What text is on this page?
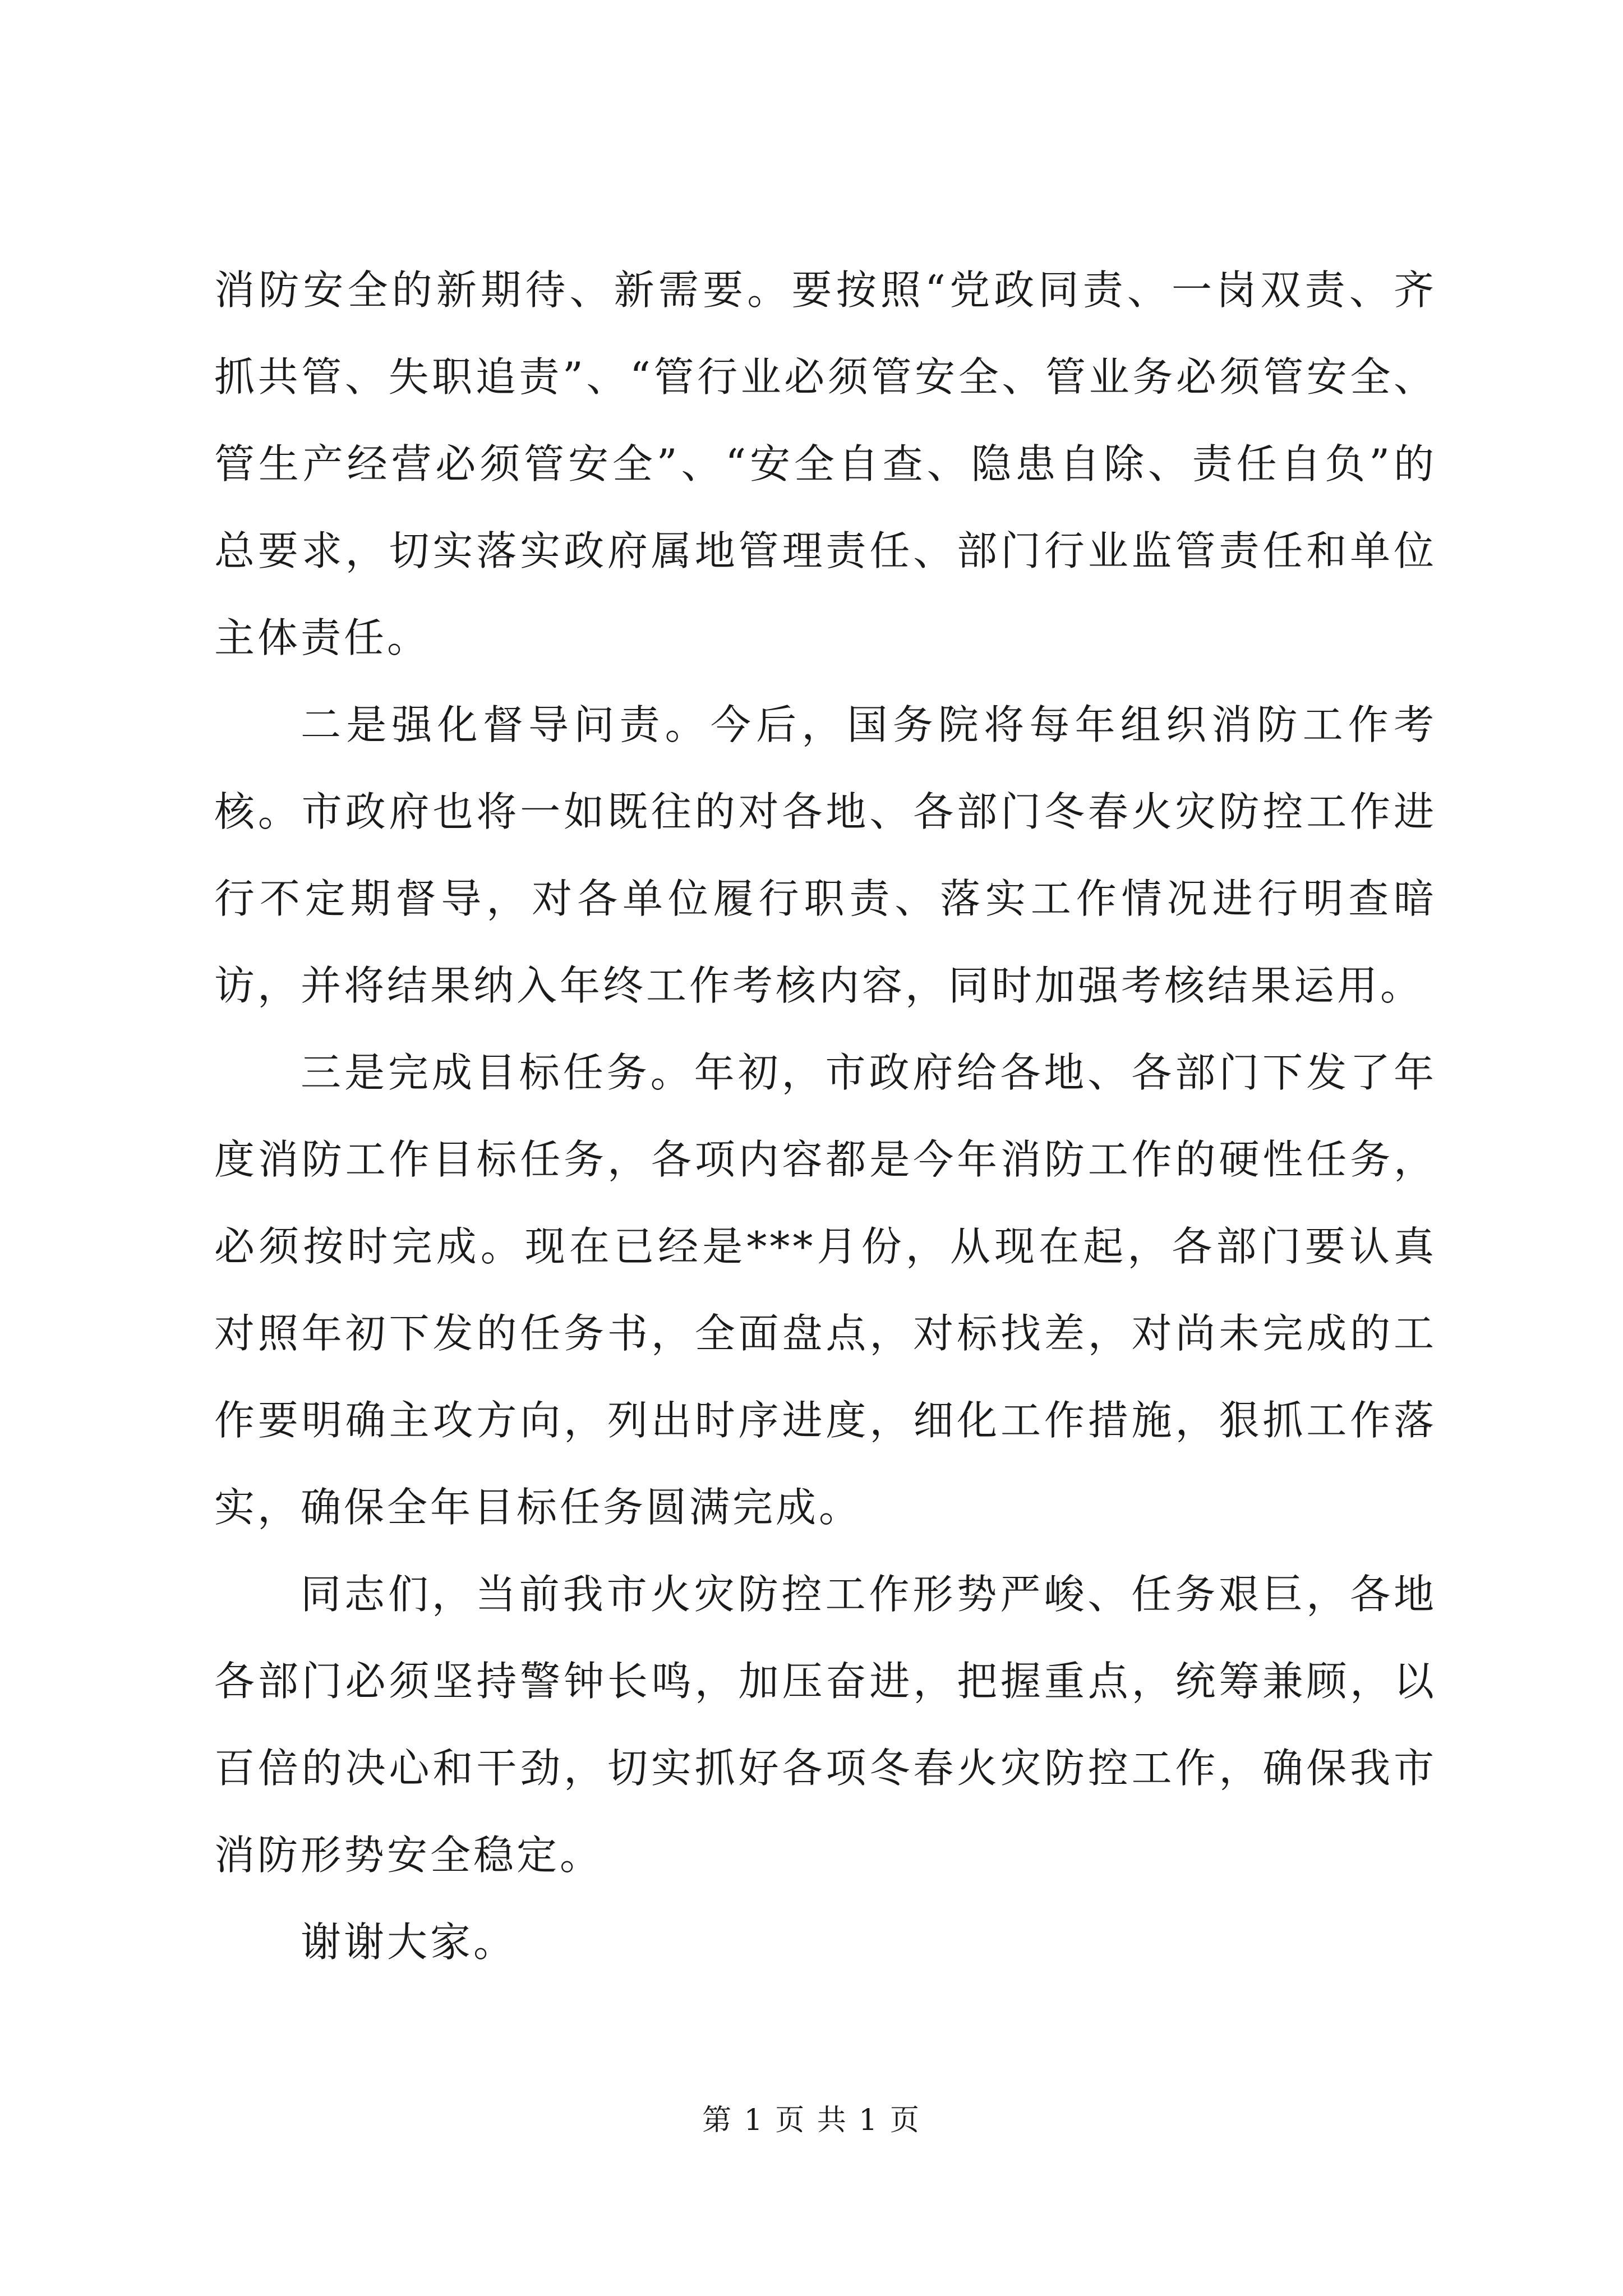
消防安全的新期待、新需要。要按照“党政同责、一岗双责、齐抓共管、失职追责”、“管行业必须管安全、管业务必须管安全、管生产经营必须管安全”、“安全自查、隐患自除、责任自负”的总要求，切实落实政府属地管理责任、部门行业监管责任和单位主体责任。

二是强化督导问责。今后，国务院将每年组织消防工作考核。市政府也将一如既往的对各地、各部门冬春火灾防控工作进行不定期督导，对各单位履行职责、落实工作情况进行明查暗访，并将结果纳入年终工作考核内容，同时加强考核结果运用。

三是完成目标任务。年初，市政府给各地、各部门下发了年度消防工作目标任务，各项内容都是今年消防工作的硬性任务，必须按时完成。现在已经是***月份，从现在起，各部门要认真对照年初下发的任务书，全面盘点，对标找差，对尚未完成的工作要明确主攻方向，列出时序进度，细化工作措施，狠抓工作落实，确保全年目标任务圆满完成。

同志们，当前我市火灾防控工作形势严峻、任务艰巨，各地各部门必须坚持警钟长鸣，加压奋进，把握重点，统筹兼顾，以百倍的决心和干劲，切实抓好各项冬春火灾防控工作，确保我市消防形势安全稳定。

谢谢大家。

第 1 页 共 1 页
